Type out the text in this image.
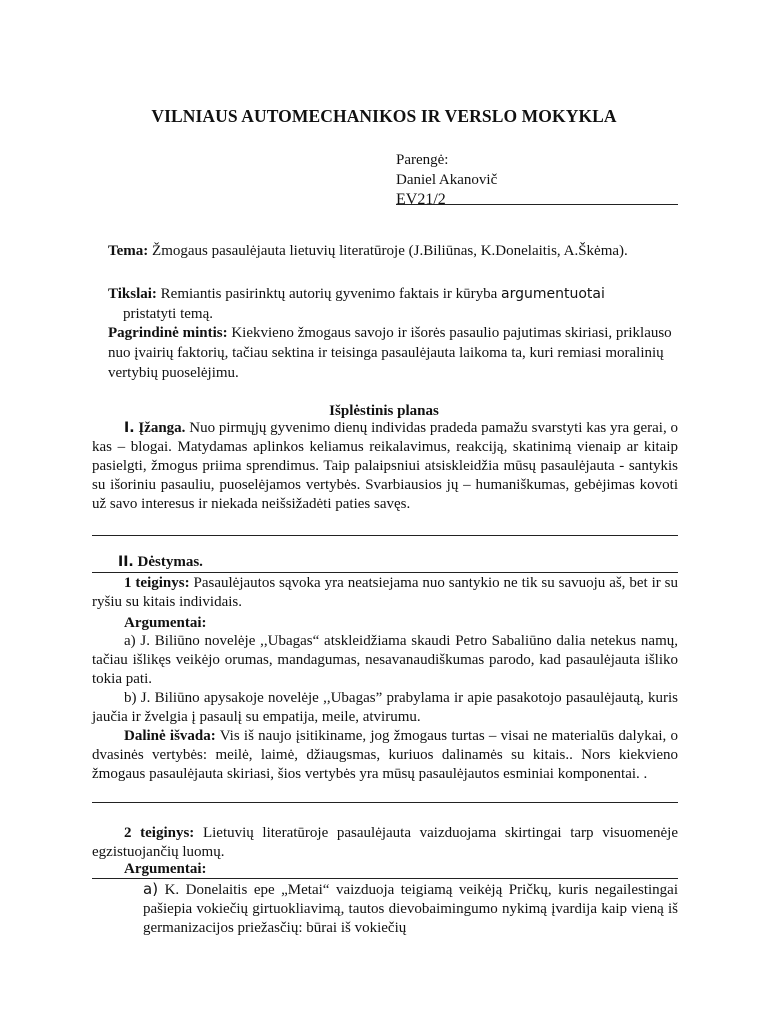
VILNIAUS AUTOMECHANIKOS IR VERSLO MOKYKLA
Parengė:
Daniel Akanovič
EV21/2
Tema: Žmogaus pasaulėjauta lietuvių literatūroje (J.Biliūnas, K.Donelaitis, A.Škėma).
Tikslai: Remiantis pasirinktų autorių gyvenimo faktais ir kūryba argumentuotai
pristatyti temą.
Pagrindinė mintis: Kiekvieno žmogaus savojo ir išorės pasaulio pajutimas skiriasi, priklauso nuo įvairių faktorių, tačiau sektina ir teisinga pasaulėjauta laikoma ta, kuri remiasi moralinių vertybių puoselėjimu.
Išplėstinis planas
I. Įžanga. Nuo pirmųjų gyvenimo dienų individas pradeda pamažu svarstyti kas yra gerai, o kas – blogai. Matydamas aplinkos keliamus reikalavimus, reakciją, skatinimą vienaip ar kitaip pasielgti, žmogus priima sprendimus. Taip palaipsniui atsiskleidžia mūsų pasaulėjauta - santykis su išoriniu pasauliu, puoselėjamos vertybės. Svarbiausios jų – humaniškumas, gebėjimas kovoti už savo interesus ir niekada neišsižadėti paties savęs.
II. Dėstymas.
1 teiginys: Pasaulėjautos sąvoka yra neatsiejama nuo santykio ne tik su savuoju aš, bet ir su ryšiu su kitais individais.
Argumentai:
a) J. Biliūno novelėje ,,Ubagas“ atskleidžiama skaudi Petro Sabaliūno dalia netekus namų, tačiau išlikęs veikėjo orumas, mandagumas, nesavanaudiškumas parodo, kad pasaulėjauta išliko tokia pati.
b) J. Biliūno apysakoje novelėje ,,Ubagas” prabylama ir apie pasakotojo pasaulėjautą, kuris jaučia ir žvelgia į pasaulį su empatija, meile, atvirumu.
Dalinė išvada: Vis iš naujo įsitikiname, jog žmogaus turtas – visai ne materialūs dalykai, o dvasinės vertybės: meilė, laimė, džiaugsmas, kuriuos dalinamės su kitais.. Nors kiekvieno žmogaus pasaulėjauta skiriasi, šios vertybės yra mūsų pasaulėjautos esminiai komponentai. .
2 teiginys: Lietuvių literatūroje pasaulėjauta vaizduojama skirtingai tarp visuomenėje egzistuojančių luomų.
Argumentai:
a) K. Donelaitis epe „Metai“ vaizduoja teigiamą veikėją Pričkų, kuris negailestingai pašiepia vokiečių girtuokliavimą, tautos dievobaimingumo nykimą įvardija kaip vieną iš germanizacijos priežasčių: būrai iš vokiečių
